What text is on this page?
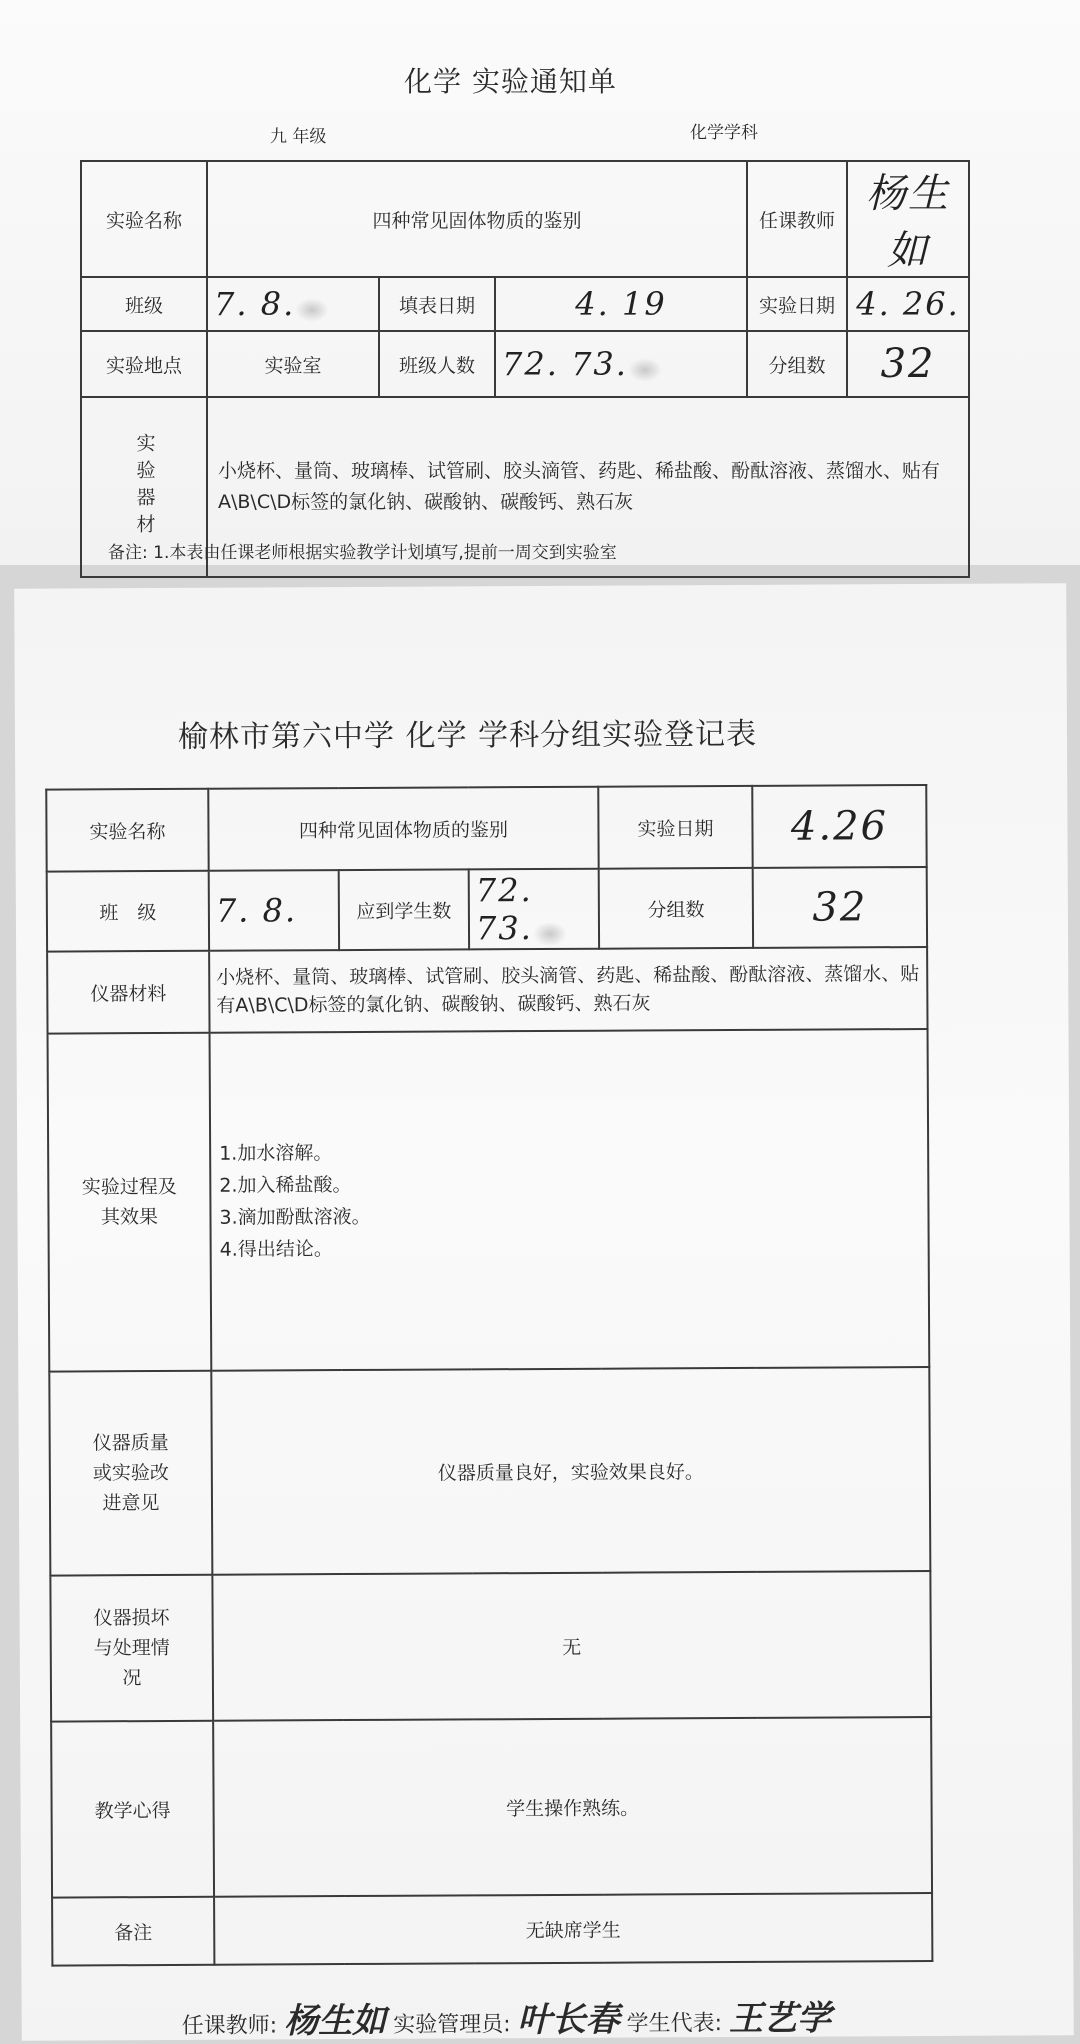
化学 实验通知单
九 年级	化学学科
实验名称	四种常见固体物质的鉴别			任课教师	杨生如
班级	7. 8.	填表日期	4. 19	实验日期	4. 26.
实验地点	实验室	班级人数	72. 73.	分组数	32
实验器材	小烧杯、量筒、玻璃棒、试管刷、胶头滴管、药匙、稀盐酸、酚酞溶液、蒸馏水、贴有A\B\C\D标签的氯化钠、碳酸钠、碳酸钙、熟石灰				
备注: 1.本表由任课老师根据实验教学计划填写,提前一周交到实验室
榆林市第六中学 化学 学科分组实验登记表
实验名称	四种常见固体物质的鉴别			实验日期	4.26
班　级	7. 8.	应到学生数	72. 73.	分组数	32
仪器材料	小烧杯、量筒、玻璃棒、试管刷、胶头滴管、药匙、稀盐酸、酚酞溶液、蒸馏水、贴有A\B\C\D标签的氯化钠、碳酸钠、碳酸钙、熟石灰				
实验过程及其效果	1.加水溶解。
2.加入稀盐酸。
3.滴加酚酞溶液。
4.得出结论。				

仪器质量或实验改进意见	仪器质量良好，实验效果良好。				
仪器损坏与处理情况	无				
教学心得	学生操作熟练。				
备注	无缺席学生				
任课教师: 杨生如 实验管理员: 叶长春 学生代表: 王艺学
